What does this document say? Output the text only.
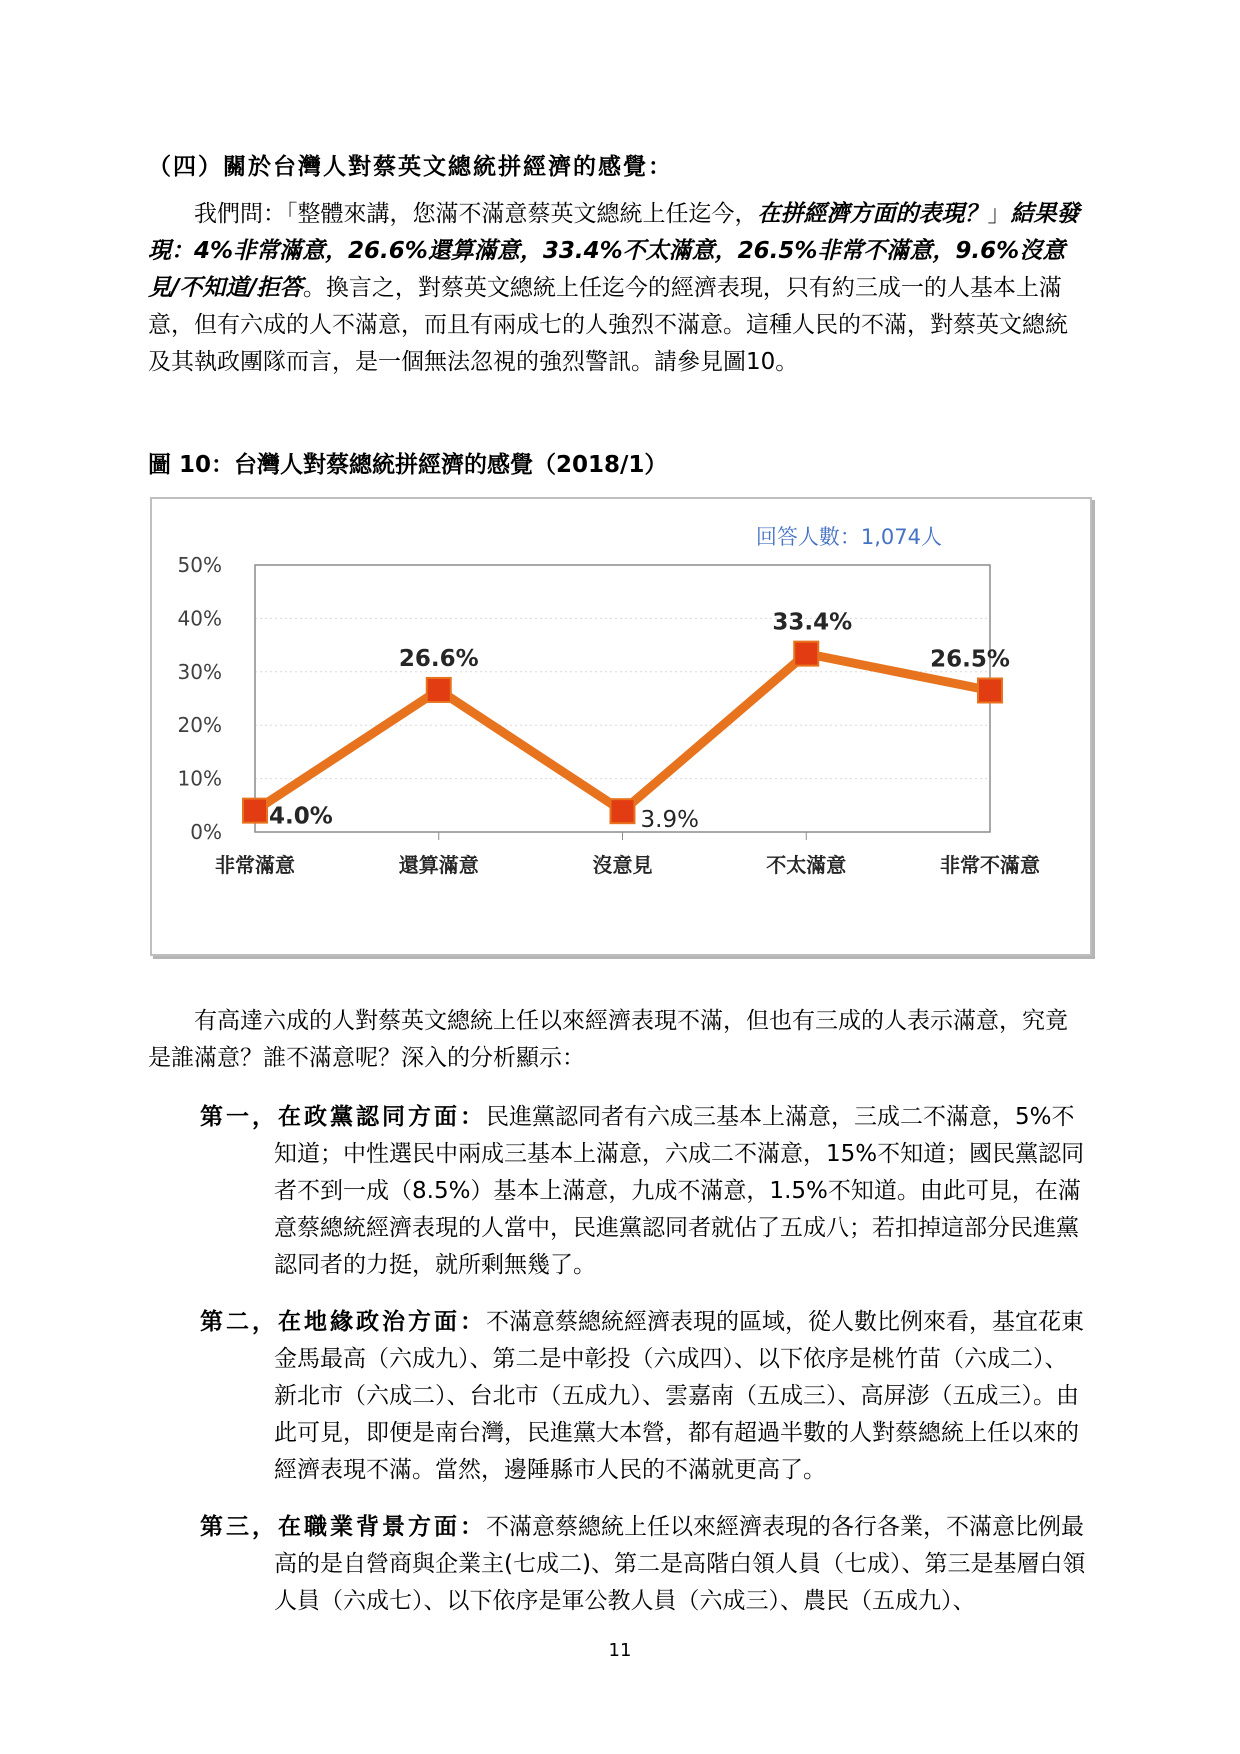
（四）關於台灣人對蔡英文總統拼經濟的感覺：
我們問：「整體來講，您滿不滿意蔡英文總統上任迄今，在拼經濟方面的表現？」結果發現：4%非常滿意，26.6%還算滿意，33.4%不太滿意，26.5%非常不滿意，9.6%沒意見/不知道/拒答。換言之，對蔡英文總統上任迄今的經濟表現，只有約三成一的人基本上滿意，但有六成的人不滿意，而且有兩成七的人強烈不滿意。這種人民的不滿，對蔡英文總統及其執政團隊而言，是一個無法忽視的強烈警訊。請參見圖10。
圖 10：台灣人對蔡總統拼經濟的感覺（2018/1）
0%
10%
20%
30%
40%
50%
非常滿意	還算滿意	沒意見	不太滿意	非常不滿意
4.0%
26.6%
3.9%
33.4%
26.5%
回答人數：1,074人
有高達六成的人對蔡英文總統上任以來經濟表現不滿，但也有三成的人表示滿意，究竟是誰滿意？誰不滿意呢？深入的分析顯示：
第一，在政黨認同方面：民進黨認同者有六成三基本上滿意，三成二不滿意，5%不知道；中性選民中兩成三基本上滿意，六成二不滿意，15%不知道；國民黨認同者不到一成（8.5%）基本上滿意，九成不滿意，1.5%不知道。由此可見，在滿意蔡總統經濟表現的人當中，民進黨認同者就佔了五成八；若扣掉這部分民進黨認同者的力挺，就所剩無幾了。
第二，在地緣政治方面：不滿意蔡總統經濟表現的區域，從人數比例來看，基宜花東金馬最高（六成九）、第二是中彰投（六成四）、以下依序是桃竹苗（六成二）、新北市（六成二）、台北市（五成九）、雲嘉南（五成三）、高屏澎（五成三）。由此可見，即便是南台灣，民進黨大本營，都有超過半數的人對蔡總統上任以來的經濟表現不滿。當然，邊陲縣市人民的不滿就更高了。
第三，在職業背景方面：不滿意蔡總統上任以來經濟表現的各行各業，不滿意比例最高的是自營商與企業主(七成二)、第二是高階白領人員（七成）、第三是基層白領人員（六成七）、以下依序是軍公教人員（六成三）、農民（五成九）、
11
